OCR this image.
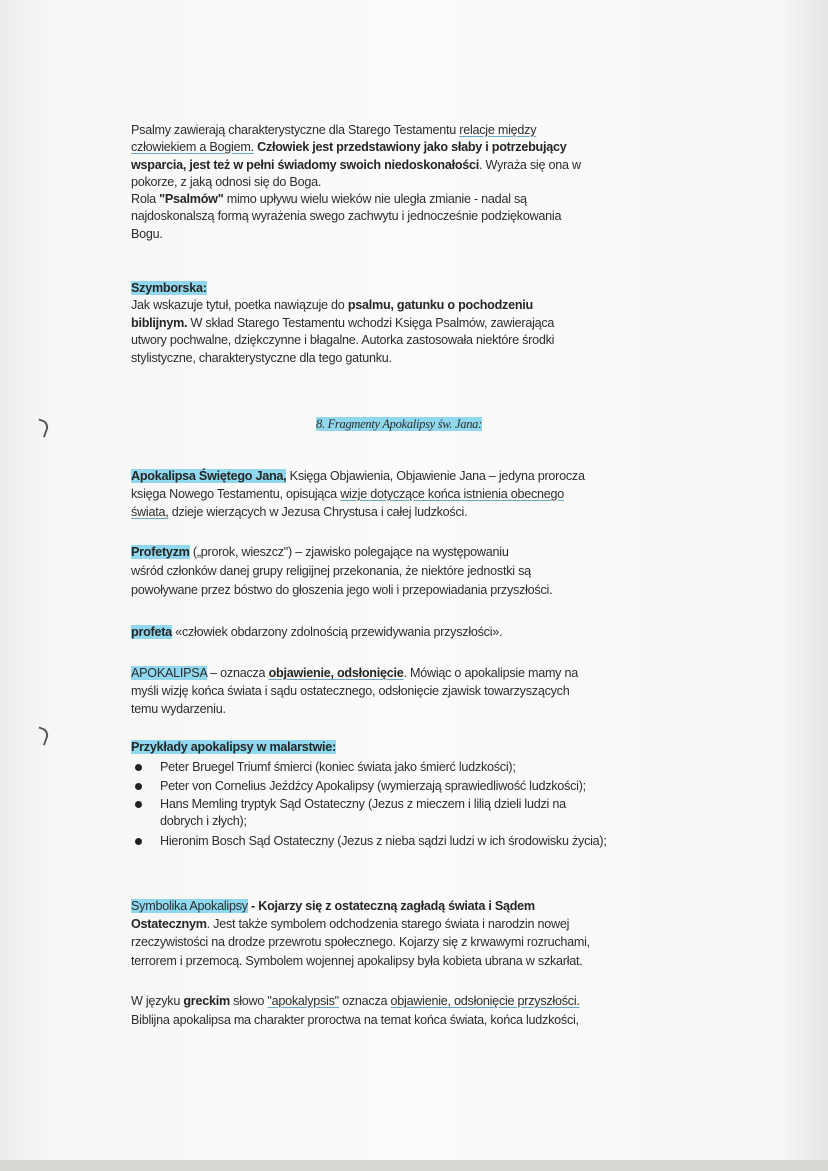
Psalmy zawierają charakterystyczne dla Starego Testamentu relacje między
człowiekiem a Bogiem. Człowiek jest przedstawiony jako słaby i potrzebujący
wsparcia, jest też w pełni świadomy swoich niedoskonałości. Wyraża się ona w
pokorze, z jaką odnosi się do Boga.
Rola "Psalmów" mimo upływu wielu wieków nie uległa zmianie - nadal są
najdoskonalszą formą wyrażenia swego zachwytu i jednocześnie podziękowania
Bogu.
Szymborska:
Jak wskazuje tytuł, poetka nawiązuje do psalmu, gatunku o pochodzeniu
biblijnym. W skład Starego Testamentu wchodzi Księga Psalmów, zawierająca
utwory pochwalne, dziękczynne i błagalne. Autorka zastosowała niektóre środki
stylistyczne, charakterystyczne dla tego gatunku.
8. Fragmenty Apokalipsy św. Jana:
Apokalipsa Świętego Jana, Księga Objawienia, Objawienie Jana – jedyna prorocza
księga Nowego Testamentu, opisująca wizje dotyczące końca istnienia obecnego
świata, dzieje wierzących w Jezusa Chrystusa i całej ludzkości.
Profetyzm („prorok, wieszcz") – zjawisko polegające na występowaniu
wśród członków danej grupy religijnej przekonania, że niektóre jednostki są
powoływane przez bóstwo do głoszenia jego woli i przepowiadania przyszłości.
profeta «człowiek obdarzony zdolnością przewidywania przyszłości».
APOKALIPSA – oznacza objawienie, odsłonięcie. Mówiąc o apokalipsie mamy na
myśli wizję końca świata i sądu ostatecznego, odsłonięcie zjawisk towarzyszących
temu wydarzeniu.
Przykłady apokalipsy w malarstwie:
Peter Bruegel Triumf śmierci (koniec świata jako śmierć ludzkości);
Peter von Cornelius Jeźdźcy Apokalipsy (wymierzają sprawiedliwość ludzkości);
Hans Memling tryptyk Sąd Ostateczny (Jezus z mieczem i lilią dzieli ludzi na
dobrych i złych);
Hieronim Bosch Sąd Ostateczny (Jezus z nieba sądzi ludzi w ich środowisku życia);
Symbolika Apokalipsy - Kojarzy się z ostateczną zagładą świata i Sądem
Ostatecznym. Jest także symbolem odchodzenia starego świata i narodzin nowej
rzeczywistości na drodze przewrotu społecznego. Kojarzy się z krwawymi rozruchami,
terrorem i przemocą. Symbolem wojennej apokalipsy była kobieta ubrana w szkarłat.
W języku greckim słowo "apokalypsis" oznacza objawienie, odsłonięcie przyszłości.
Biblijna apokalipsa ma charakter proroctwa na temat końca świata, końca ludzkości,
